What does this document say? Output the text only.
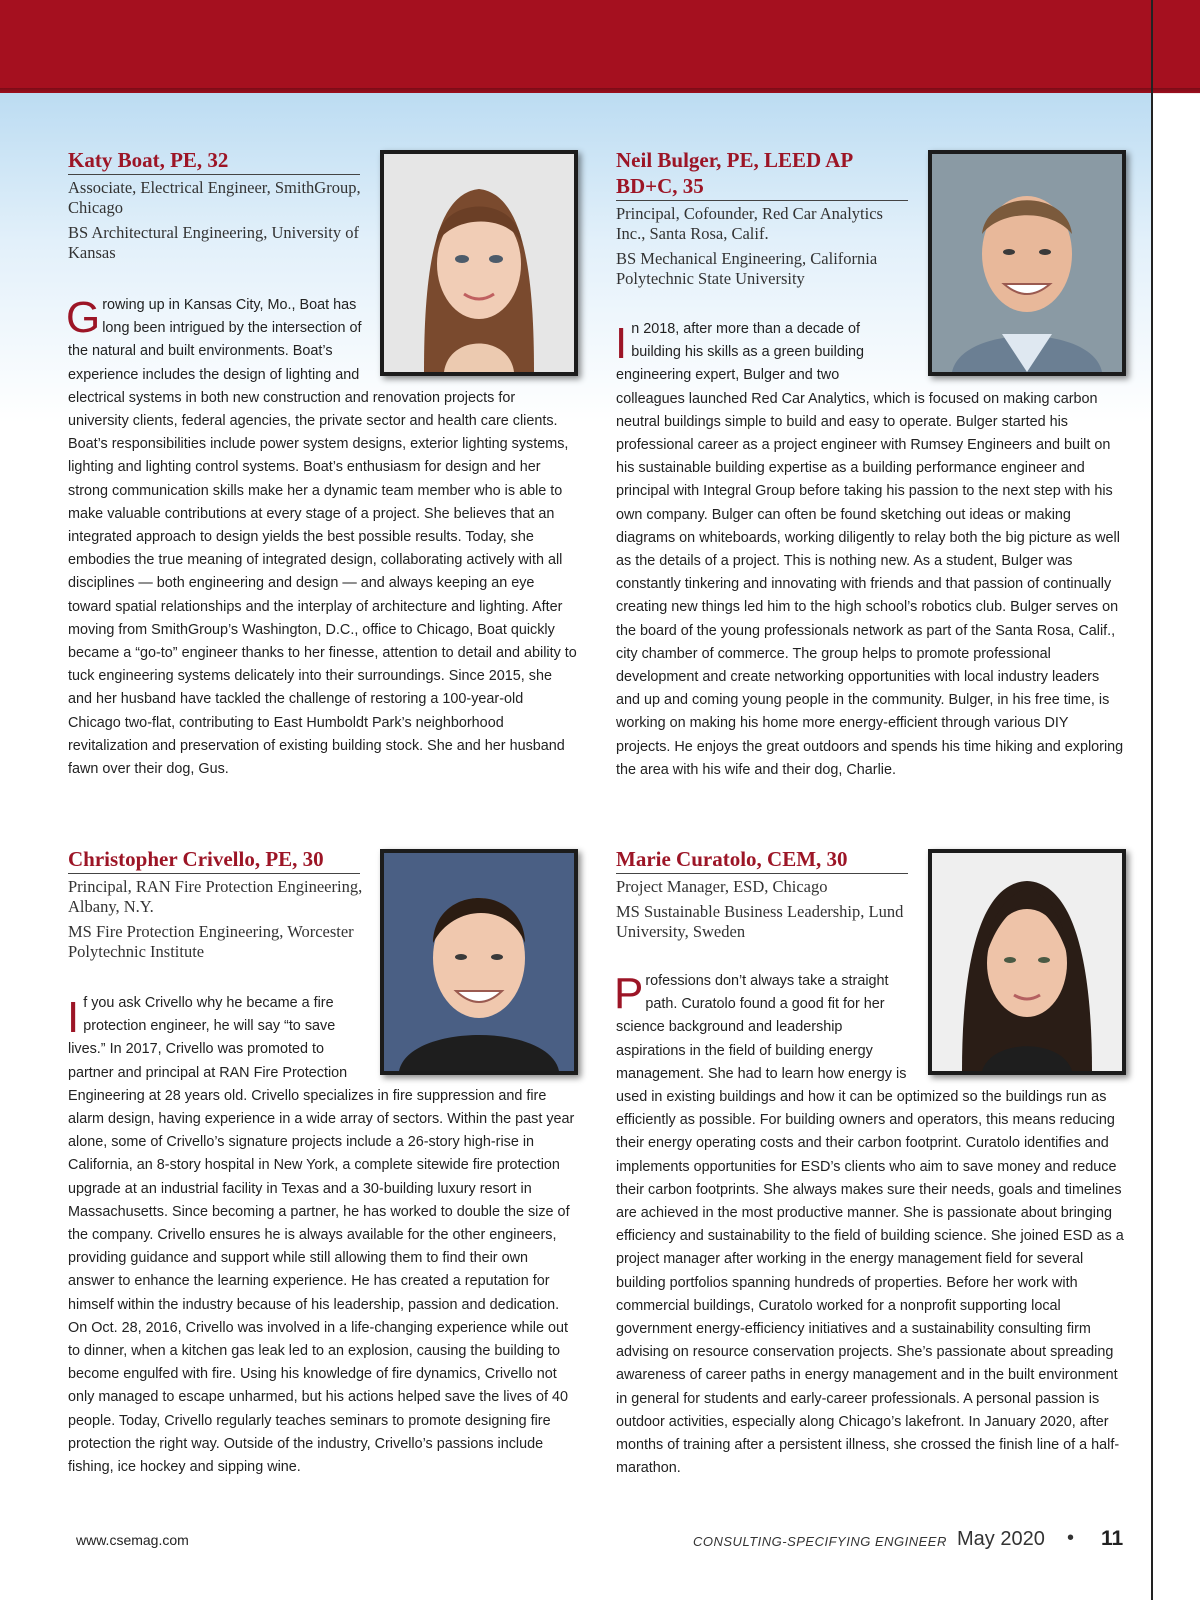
Katy Boat, PE, 32

Associate, Electrical Engineer, SmithGroup, Chicago

BS Architectural Engineering, University of Kansas

Growing up in Kansas City, Mo., Boat has long been intrigued by the intersection of the natural and built environments. Boat’s experience includes the design of lighting and electrical systems in both new construction and renovation projects for university clients, federal agencies, the private sector and health care clients. Boat’s responsibilities include power system designs, exterior lighting systems, lighting and lighting control systems. Boat’s enthusiasm for design and her strong communication skills make her a dynamic team member who is able to make valuable contributions at every stage of a project. She believes that an integrated approach to design yields the best possible results. Today, she embodies the true meaning of integrated design, collaborating actively with all disciplines — both engineering and design — and always keeping an eye toward spatial relationships and the interplay of architecture and lighting. After moving from SmithGroup’s Washington, D.C., office to Chicago, Boat quickly became a “go-to” engineer thanks to her finesse, attention to detail and ability to tuck engineering systems delicately into their surroundings. Since 2015, she and her husband have tackled the challenge of restoring a 100-year-old Chicago two-flat, contributing to East Humboldt Park’s neighborhood revitalization and preservation of existing building stock. She and her husband fawn over their dog, Gus.

Neil Bulger, PE, LEED AP BD+C, 35

Principal, Cofounder, Red Car Analytics Inc., Santa Rosa, Calif.

BS Mechanical Engineering, California Polytechnic State University

In 2018, after more than a decade of building his skills as a green building engineering expert, Bulger and two colleagues launched Red Car Analytics, which is focused on making carbon neutral buildings simple to build and easy to operate. Bulger started his professional career as a project engineer with Rumsey Engineers and built on his sustainable building expertise as a building performance engineer and principal with Integral Group before taking his passion to the next step with his own company. Bulger can often be found sketching out ideas or making diagrams on whiteboards, working diligently to relay both the big picture as well as the details of a project. This is nothing new. As a student, Bulger was constantly tinkering and innovating with friends and that passion of continually creating new things led him to the high school’s robotics club. Bulger serves on the board of the young professionals network as part of the Santa Rosa, Calif., city chamber of commerce. The group helps to promote professional development and create networking opportunities with local industry leaders and up and coming young people in the community. Bulger, in his free time, is working on making his home more energy-efficient through various DIY projects. He enjoys the great outdoors and spends his time hiking and exploring the area with his wife and their dog, Charlie.

Christopher Crivello, PE, 30

Principal, RAN Fire Protection Engineering, Albany, N.Y.

MS Fire Protection Engineering, Worcester Polytechnic Institute

If you ask Crivello why he became a fire protection engineer, he will say “to save lives.” In 2017, Crivello was promoted to partner and principal at RAN Fire Protection Engineering at 28 years old. Crivello specializes in fire suppression and fire alarm design, having experience in a wide array of sectors. Within the past year alone, some of Crivello’s signature projects include a 26-story high-rise in California, an 8-story hospital in New York, a complete sitewide fire protection upgrade at an industrial facility in Texas and a 30-building luxury resort in Massachusetts. Since becoming a partner, he has worked to double the size of the company. Crivello ensures he is always available for the other engineers, providing guidance and support while still allowing them to find their own answer to enhance the learning experience. He has created a reputation for himself within the industry because of his leadership, passion and dedication. On Oct. 28, 2016, Crivello was involved in a life-changing experience while out to dinner, when a kitchen gas leak led to an explosion, causing the building to become engulfed with fire. Using his knowledge of fire dynamics, Crivello not only managed to escape unharmed, but his actions helped save the lives of 40 people. Today, Crivello regularly teaches seminars to promote designing fire protection the right way. Outside of the industry, Crivello’s passions include fishing, ice hockey and sipping wine.

Marie Curatolo, CEM, 30

Project Manager, ESD, Chicago

MS Sustainable Business Leadership, Lund University, Sweden

Professions don’t always take a straight path. Curatolo found a good fit for her science background and leadership aspirations in the field of building energy management. She had to learn how energy is used in existing buildings and how it can be optimized so the buildings run as efficiently as possible. For building owners and operators, this means reducing their energy operating costs and their carbon footprint. Curatolo identifies and implements opportunities for ESD’s clients who aim to save money and reduce their carbon footprints. She always makes sure their needs, goals and timelines are achieved in the most productive manner. She is passionate about bringing efficiency and sustainability to the field of building science. She joined ESD as a project manager after working in the energy management field for several building portfolios spanning hundreds of properties. Before her work with commercial buildings, Curatolo worked for a nonprofit supporting local government energy-efficiency initiatives and a sustainability consulting firm advising on resource conservation projects. She’s passionate about spreading awareness of career paths in energy management and in the built environment in general for students and early-career professionals. A personal passion is outdoor activities, especially along Chicago’s lakefront. In January 2020, after months of training after a persistent illness, she crossed the finish line of a half-marathon.

www.csemag.com	CONSULTING-SPECIFYING ENGINEER May 2020 • 11
